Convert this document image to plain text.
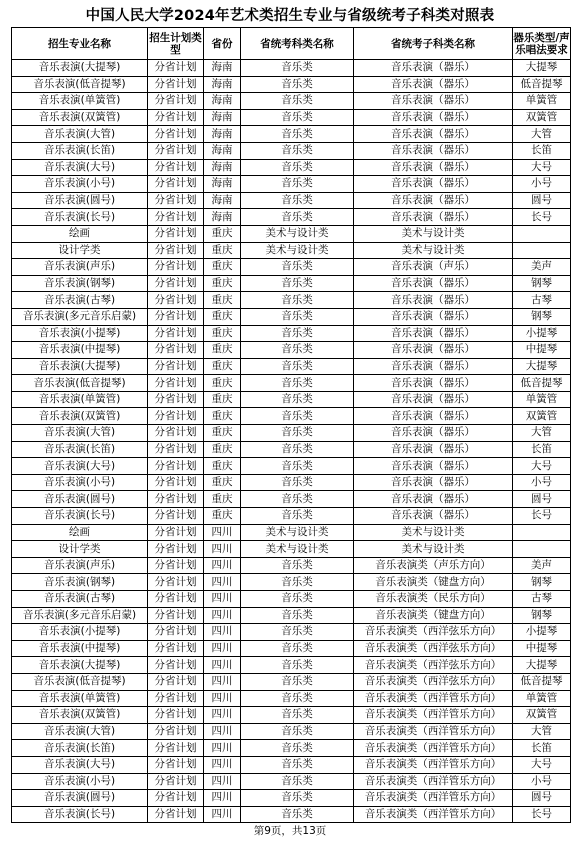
中国人民大学2024年艺术类招生专业与省级统考子科类对照表
招生专业名称	招生计划类型	省份	省统考科类名称	省统考子科类名称	器乐类型/声乐唱法要求
音乐表演(大提琴)	分省计划	海南	音乐类	音乐表演（器乐）	大提琴
音乐表演(低音提琴)	分省计划	海南	音乐类	音乐表演（器乐）	低音提琴
音乐表演(单簧管)	分省计划	海南	音乐类	音乐表演（器乐）	单簧管
音乐表演(双簧管)	分省计划	海南	音乐类	音乐表演（器乐）	双簧管
音乐表演(大管)	分省计划	海南	音乐类	音乐表演（器乐）	大管
音乐表演(长笛)	分省计划	海南	音乐类	音乐表演（器乐）	长笛
音乐表演(大号)	分省计划	海南	音乐类	音乐表演（器乐）	大号
音乐表演(小号)	分省计划	海南	音乐类	音乐表演（器乐）	小号
音乐表演(圆号)	分省计划	海南	音乐类	音乐表演（器乐）	圆号
音乐表演(长号)	分省计划	海南	音乐类	音乐表演（器乐）	长号
绘画	分省计划	重庆	美术与设计类	美术与设计类	
设计学类	分省计划	重庆	美术与设计类	美术与设计类	
音乐表演(声乐)	分省计划	重庆	音乐类	音乐表演（声乐）	美声
音乐表演(钢琴)	分省计划	重庆	音乐类	音乐表演（器乐）	钢琴
音乐表演(古琴)	分省计划	重庆	音乐类	音乐表演（器乐）	古琴
音乐表演(多元音乐启蒙)	分省计划	重庆	音乐类	音乐表演（器乐）	钢琴
音乐表演(小提琴)	分省计划	重庆	音乐类	音乐表演（器乐）	小提琴
音乐表演(中提琴)	分省计划	重庆	音乐类	音乐表演（器乐）	中提琴
音乐表演(大提琴)	分省计划	重庆	音乐类	音乐表演（器乐）	大提琴
音乐表演(低音提琴)	分省计划	重庆	音乐类	音乐表演（器乐）	低音提琴
音乐表演(单簧管)	分省计划	重庆	音乐类	音乐表演（器乐）	单簧管
音乐表演(双簧管)	分省计划	重庆	音乐类	音乐表演（器乐）	双簧管
音乐表演(大管)	分省计划	重庆	音乐类	音乐表演（器乐）	大管
音乐表演(长笛)	分省计划	重庆	音乐类	音乐表演（器乐）	长笛
音乐表演(大号)	分省计划	重庆	音乐类	音乐表演（器乐）	大号
音乐表演(小号)	分省计划	重庆	音乐类	音乐表演（器乐）	小号
音乐表演(圆号)	分省计划	重庆	音乐类	音乐表演（器乐）	圆号
音乐表演(长号)	分省计划	重庆	音乐类	音乐表演（器乐）	长号
绘画	分省计划	四川	美术与设计类	美术与设计类	
设计学类	分省计划	四川	美术与设计类	美术与设计类	
音乐表演(声乐)	分省计划	四川	音乐类	音乐表演类（声乐方向）	美声
音乐表演(钢琴)	分省计划	四川	音乐类	音乐表演类（键盘方向）	钢琴
音乐表演(古琴)	分省计划	四川	音乐类	音乐表演类（民乐方向）	古琴
音乐表演(多元音乐启蒙)	分省计划	四川	音乐类	音乐表演类（键盘方向）	钢琴
音乐表演(小提琴)	分省计划	四川	音乐类	音乐表演类（西洋弦乐方向）	小提琴
音乐表演(中提琴)	分省计划	四川	音乐类	音乐表演类（西洋弦乐方向）	中提琴
音乐表演(大提琴)	分省计划	四川	音乐类	音乐表演类（西洋弦乐方向）	大提琴
音乐表演(低音提琴)	分省计划	四川	音乐类	音乐表演类（西洋弦乐方向）	低音提琴
音乐表演(单簧管)	分省计划	四川	音乐类	音乐表演类（西洋管乐方向）	单簧管
音乐表演(双簧管)	分省计划	四川	音乐类	音乐表演类（西洋管乐方向）	双簧管
音乐表演(大管)	分省计划	四川	音乐类	音乐表演类（西洋管乐方向）	大管
音乐表演(长笛)	分省计划	四川	音乐类	音乐表演类（西洋管乐方向）	长笛
音乐表演(大号)	分省计划	四川	音乐类	音乐表演类（西洋管乐方向）	大号
音乐表演(小号)	分省计划	四川	音乐类	音乐表演类（西洋管乐方向）	小号
音乐表演(圆号)	分省计划	四川	音乐类	音乐表演类（西洋管乐方向）	圆号
音乐表演(长号)	分省计划	四川	音乐类	音乐表演类（西洋管乐方向）	长号
第9页，共13页
